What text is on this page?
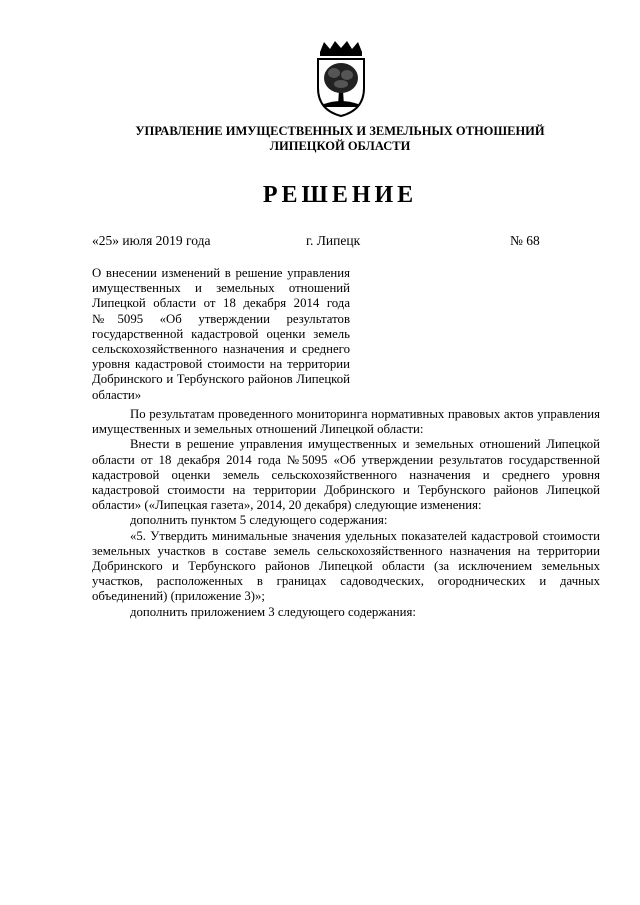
УПРАВЛЕНИЕ ИМУЩЕСТВЕННЫХ И ЗЕМЕЛЬНЫХ ОТНОШЕНИЙ
ЛИПЕЦКОЙ ОБЛАСТИ
РЕШЕНИЕ
«25» июля 2019 года	г. Липецк	№ 68
О внесении изменений в решение управления имущественных и земельных отношений Липецкой области от 18 декабря 2014 года №5095 «Об утверждении результатов государственной кадастровой оценки земель сельскохозяйственного назначения и среднего уровня кадастровой стоимости на территории Добринского и Тербунского районов Липецкой области»

По результатам проведенного мониторинга нормативных правовых актов управления имущественных и земельных отношений Липецкой области:

Внести в решение управления имущественных и земельных отношений Липецкой области от 18 декабря 2014 года №5095 «Об утверждении результатов государственной кадастровой оценки земель сельскохозяйственного назначения и среднего уровня кадастровой стоимости на территории Добринского и Тербунского районов Липецкой области» («Липецкая газета», 2014, 20 декабря) следующие изменения:

дополнить пунктом 5 следующего содержания:

«5. Утвердить минимальные значения удельных показателей кадастровой стоимости земельных участков в составе земель сельскохозяйственного назначения на территории Добринского и Тербунского районов Липецкой области (за исключением земельных участков, расположенных в границах садоводческих, огороднических и дачных объединений) (приложение 3)»;

дополнить приложением 3 следующего содержания:
